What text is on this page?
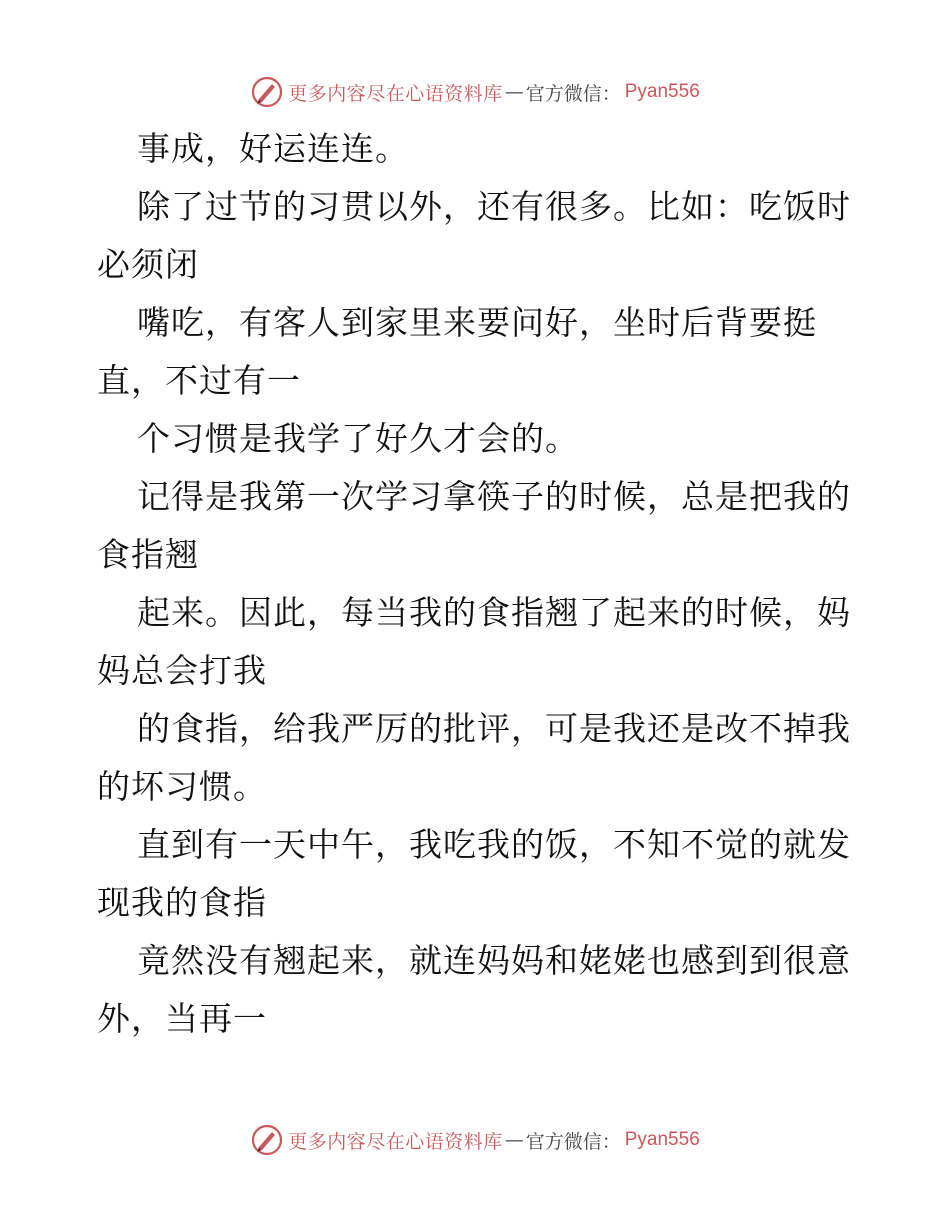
更多内容尽在心语资料库 — 官方微信： Pyan556
事成，好运连连。
除了过节的习贯以外，还有很多。比如：吃饭时
必须闭
嘴吃，有客人到家里来要问好，坐时后背要挺
直，不过有一
个习惯是我学了好久才会的。
记得是我第一次学习拿筷子的时候，总是把我的
食指翘
起来。因此，每当我的食指翘了起来的时候，妈
妈总会打我
的食指，给我严厉的批评，可是我还是改不掉我
的坏习惯。
直到有一天中午，我吃我的饭，不知不觉的就发
现我的食指
竟然没有翘起来，就连妈妈和姥姥也感到到很意
外，当再一
更多内容尽在心语资料库 — 官方微信： Pyan556
